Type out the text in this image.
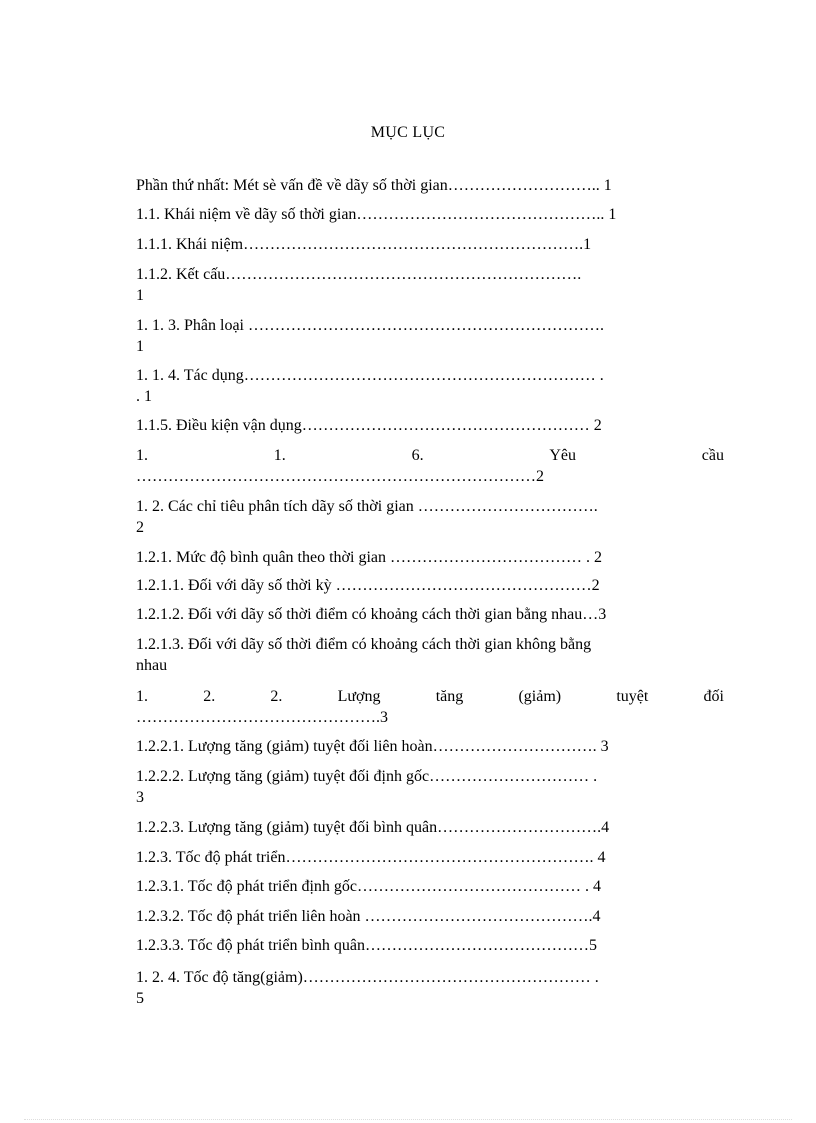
MỤC LỤC
Phần thứ nhất: Mét sè vấn đề về dãy số thời gian……………………….. 1
1.1. Khái niệm về dãy số thời gian……………………………………….. 1
1.1.1. Khái niệm……………………………………………………….1
1.1.2. Kết cấu………………………………………………………….
1
1. 1. 3. Phân loại ………………………………………………………….
1
1. 1. 4. Tác dụng………………………………………………………… .
. 1
1.1.5. Điều kiện vận dụng……………………………………………… 2
1.	1.	6.	Yêu	cầu
…………………………………………………………………2
1. 2. Các chỉ tiêu phân tích dãy số thời gian …………………………….
2
1.2.1. Mức độ bình quân theo thời gian ……………………………… . 2
1.2.1.1. Đối với dãy số thời kỳ …………………………………………2
1.2.1.2. Đối với dãy số thời điểm có khoảng cách thời gian bằng nhau…3
1.2.1.3. Đối với dãy số thời điểm có khoảng cách thời gian không bằng
nhau
1.	2.	2.	Lượng	tăng	(giảm)	tuyệt	đối
……………………………………….3
1.2.2.1. Lượng tăng (giảm) tuyệt đối liên hoàn…………………………. 3
1.2.2.2. Lượng tăng (giảm) tuyệt đối định gốc………………………… .
3
1.2.2.3. Lượng tăng (giảm) tuyệt đối bình quân………………………….4
1.2.3. Tốc độ phát triển…………………………………………………. 4
1.2.3.1. Tốc độ phát triển định gốc…………………………………… . 4
1.2.3.2. Tốc độ phát triển liên hoàn …………………………………….4
1.2.3.3. Tốc độ phát triển bình quân……………………………………5
1. 2. 4. Tốc độ tăng(giảm)……………………………………………… .
5
